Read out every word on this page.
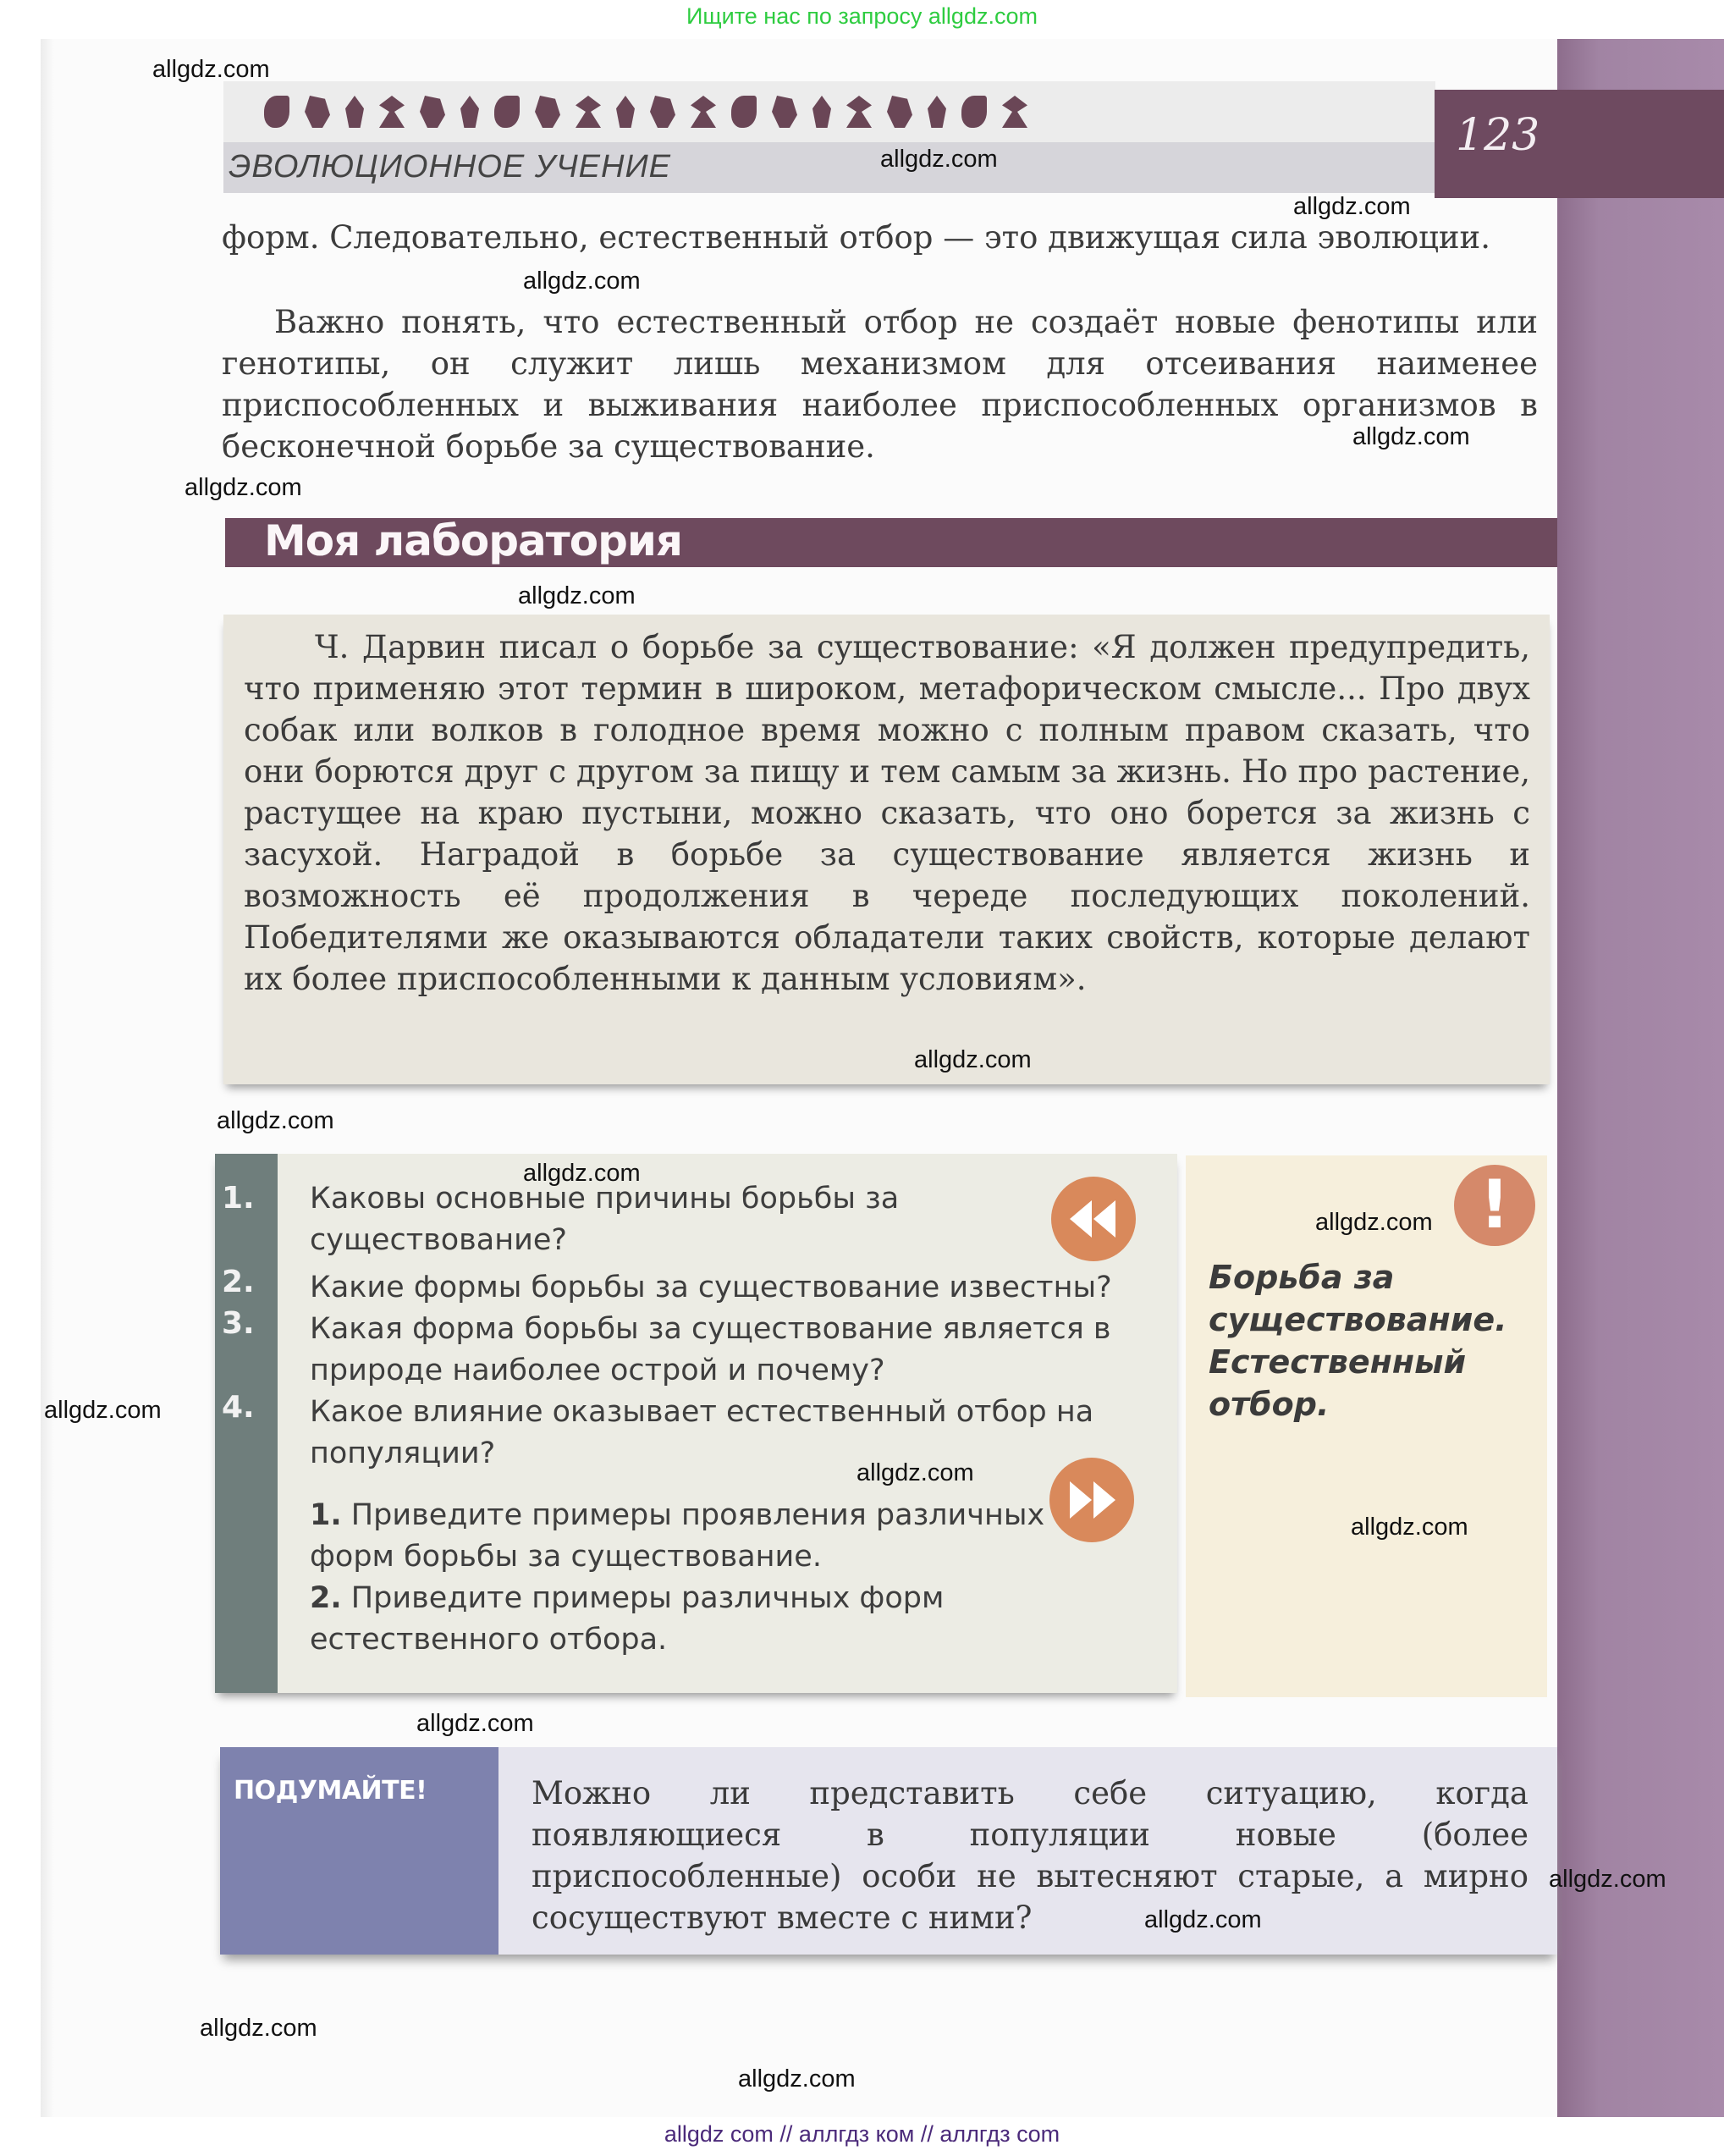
Ищите нас по запросу allgdz.com
ЭВОЛЮЦИОННОЕ УЧЕНИЕ
123

форм. Следовательно, естественный отбор — это движущая сила эволюции.

Важно понять, что естественный отбор не создаёт новые фенотипы или генотипы, он служит лишь механизмом для отсеивания наименее приспособленных и выживания наиболее приспособленных организмов в бесконечной борьбе за существование.

Моя лаборатория

Ч. Дарвин писал о борьбе за существование: «Я должен предупредить, что применяю этот термин в широком, метафорическом смысле... Про двух собак или волков в голодное время можно с полным правом сказать, что они борются друг с другом за пищу и тем самым за жизнь. Но про растение, растущее на краю пустыни, можно сказать, что оно борется за жизнь с засухой. Наградой в борьбе за существование является жизнь и возможность её продолжения в череде последующих поколений. Победителями же оказываются обладатели таких свойств, которые делают их более приспособленными к данным условиям».

1.	Каковы основные причины борьбы за существование?
2.	Какие формы борьбы за существование известны?
3.	Какая форма борьбы за существование является в природе наиболее острой и почему?
4.	Какое влияние оказывает естественный отбор на популяции?
1. Приведите примеры проявления различных форм борьбы за существование.
2. Приведите примеры различных форм естественного отбора.
!
Борьба за существование. Естественный отбор.
ПОДУМАЙТЕ!	Можно ли представить себе ситуацию, когда появляющиеся в популяции новые (более приспособленные) особи не вытесняют старые, а мирно сосуществуют вместе с ними?

allgdz.com
allgdz.com
allgdz.com
allgdz.com
allgdz.com
allgdz.com
allgdz.com
allgdz.com
allgdz.com
allgdz.com
allgdz.com
allgdz.com
allgdz.com
allgdz.com
allgdz.com
allgdz.com
allgdz.com
allgdz.com
allgdz.com
allgdz com // аллгдз ком // аллгдз com
